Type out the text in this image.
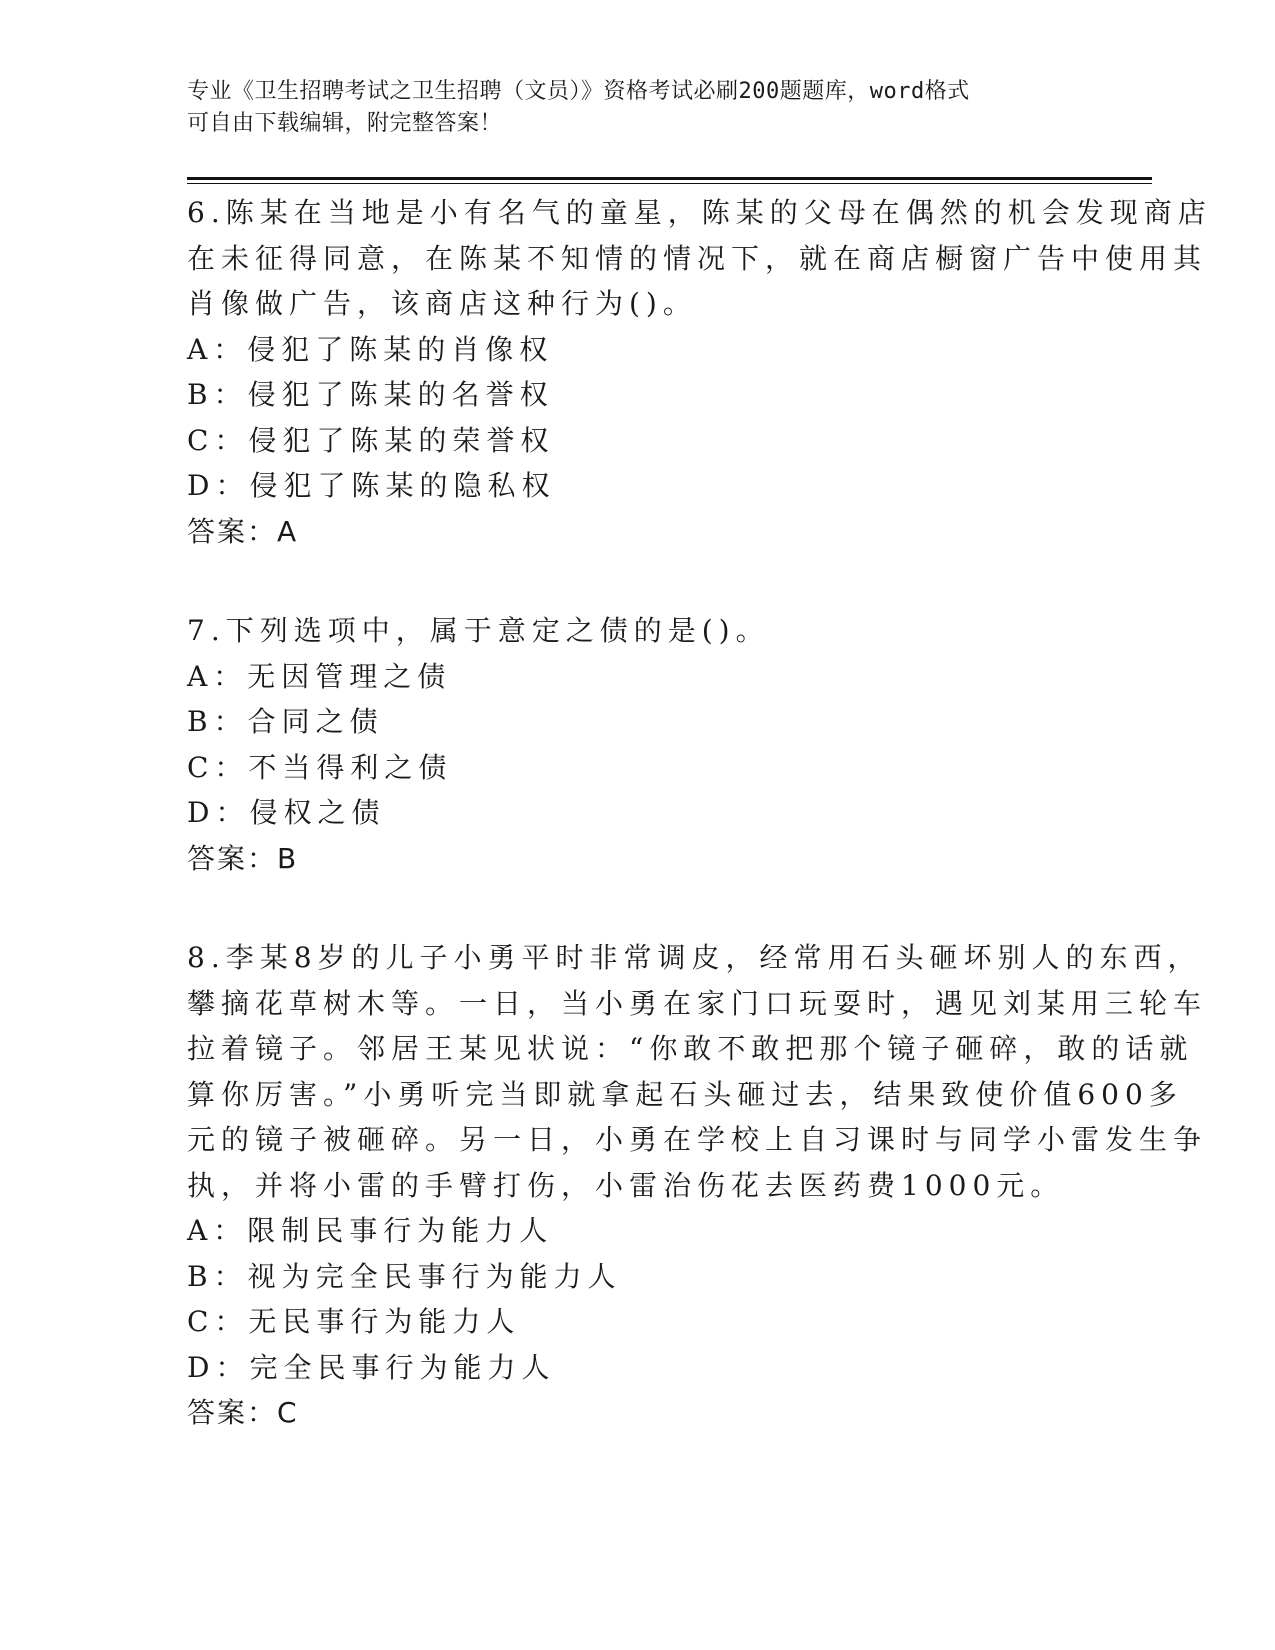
专业《卫生招聘考试之卫生招聘（文员）》资格考试必刷200题题库，word格式
可自由下载编辑，附完整答案！
6.陈某在当地是小有名气的童星，陈某的父母在偶然的机会发现商店
在未征得同意，在陈某不知情的情况下，就在商店橱窗广告中使用其
肖像做广告，该商店这种行为()。
A：侵犯了陈某的肖像权
B：侵犯了陈某的名誉权
C：侵犯了陈某的荣誉权
D：侵犯了陈某的隐私权
答案：A
7.下列选项中，属于意定之债的是()。
A：无因管理之债
B：合同之债
C：不当得利之债
D：侵权之债
答案：B
8.李某8岁的儿子小勇平时非常调皮，经常用石头砸坏别人的东西，
攀摘花草树木等。一日，当小勇在家门口玩耍时，遇见刘某用三轮车
拉着镜子。邻居王某见状说：“你敢不敢把那个镜子砸碎，敢的话就
算你厉害。”小勇听完当即就拿起石头砸过去，结果致使价值600多
元的镜子被砸碎。另一日，小勇在学校上自习课时与同学小雷发生争
执，并将小雷的手臂打伤，小雷治伤花去医药费1000元。
A：限制民事行为能力人
B：视为完全民事行为能力人
C：无民事行为能力人
D：完全民事行为能力人
答案：C
